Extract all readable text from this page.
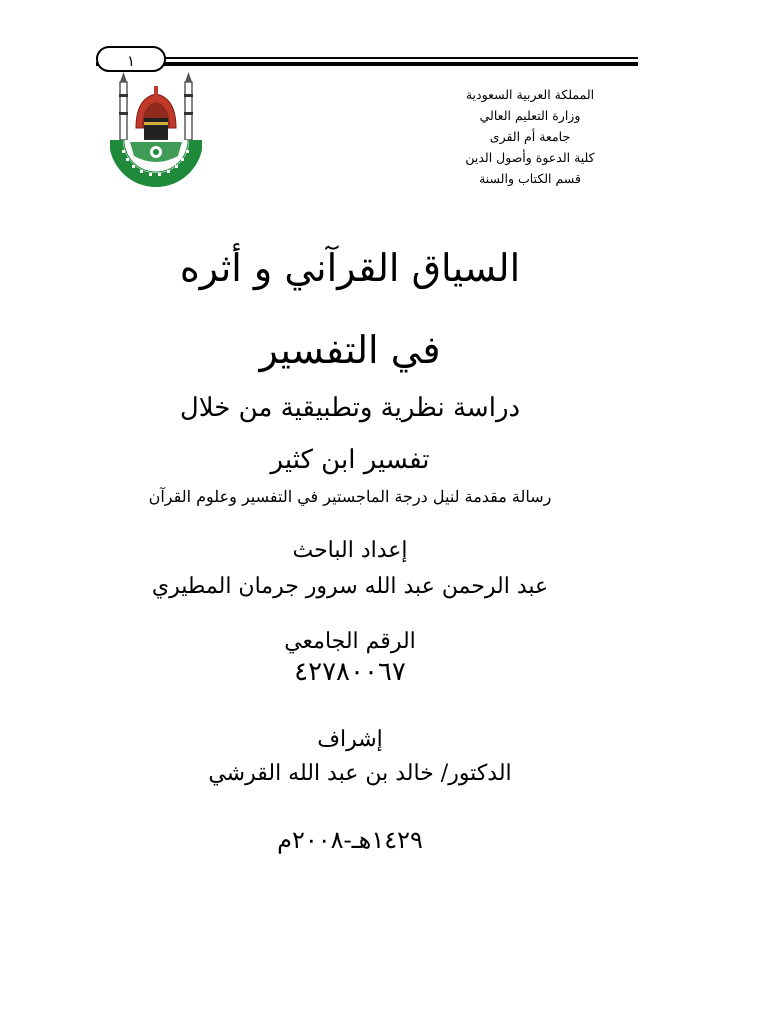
١
المملكة العربية السعودية
وزارة التعليم العالي
جامعة أم القرى
كلية الدعوة وأصول الدين
قسم الكتاب والسنة
السياق القرآني و أثره
في التفسير
دراسة نظرية وتطبيقية من خلال
تفسير ابن كثير
رسالة مقدمة لنيل درجة الماجستير في التفسير وعلوم القرآن
إعداد الباحث
عبد الرحمن عبد الله سرور جرمان المطيري
الرقم الجامعي
٤٢٧٨٠٠٦٧
إشراف
الدكتور/ خالد بن عبد الله القرشي
١٤٢٩هـ-٢٠٠٨م
